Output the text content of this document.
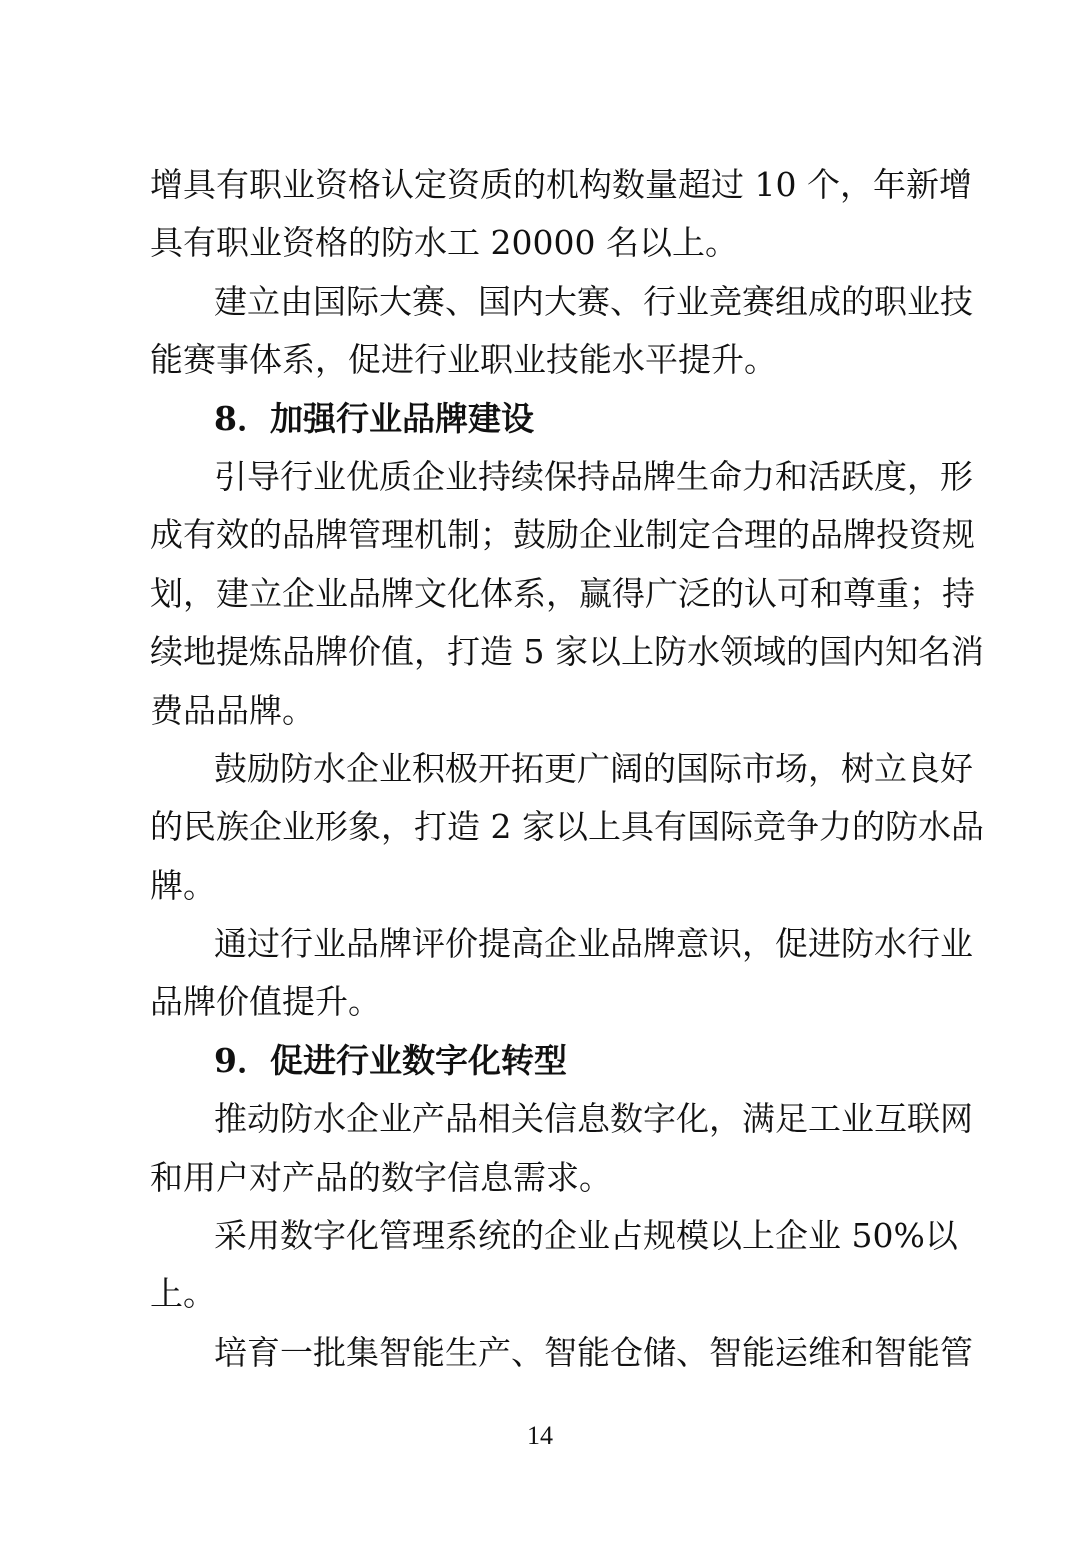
增具有职业资格认定资质的机构数量超过 10 个，年新增
具有职业资格的防水工 20000 名以上。
建立由国际大赛、国内大赛、行业竞赛组成的职业技
能赛事体系，促进行业职业技能水平提升。
8．加强行业品牌建设
引导行业优质企业持续保持品牌生命力和活跃度，形
成有效的品牌管理机制；鼓励企业制定合理的品牌投资规
划，建立企业品牌文化体系，赢得广泛的认可和尊重；持
续地提炼品牌价值，打造 5 家以上防水领域的国内知名消
费品品牌。
鼓励防水企业积极开拓更广阔的国际市场，树立良好
的民族企业形象，打造 2 家以上具有国际竞争力的防水品
牌。
通过行业品牌评价提高企业品牌意识，促进防水行业
品牌价值提升。
9．促进行业数字化转型
推动防水企业产品相关信息数字化，满足工业互联网
和用户对产品的数字信息需求。
采用数字化管理系统的企业占规模以上企业 50%以
上。
培育一批集智能生产、智能仓储、智能运维和智能管
14
